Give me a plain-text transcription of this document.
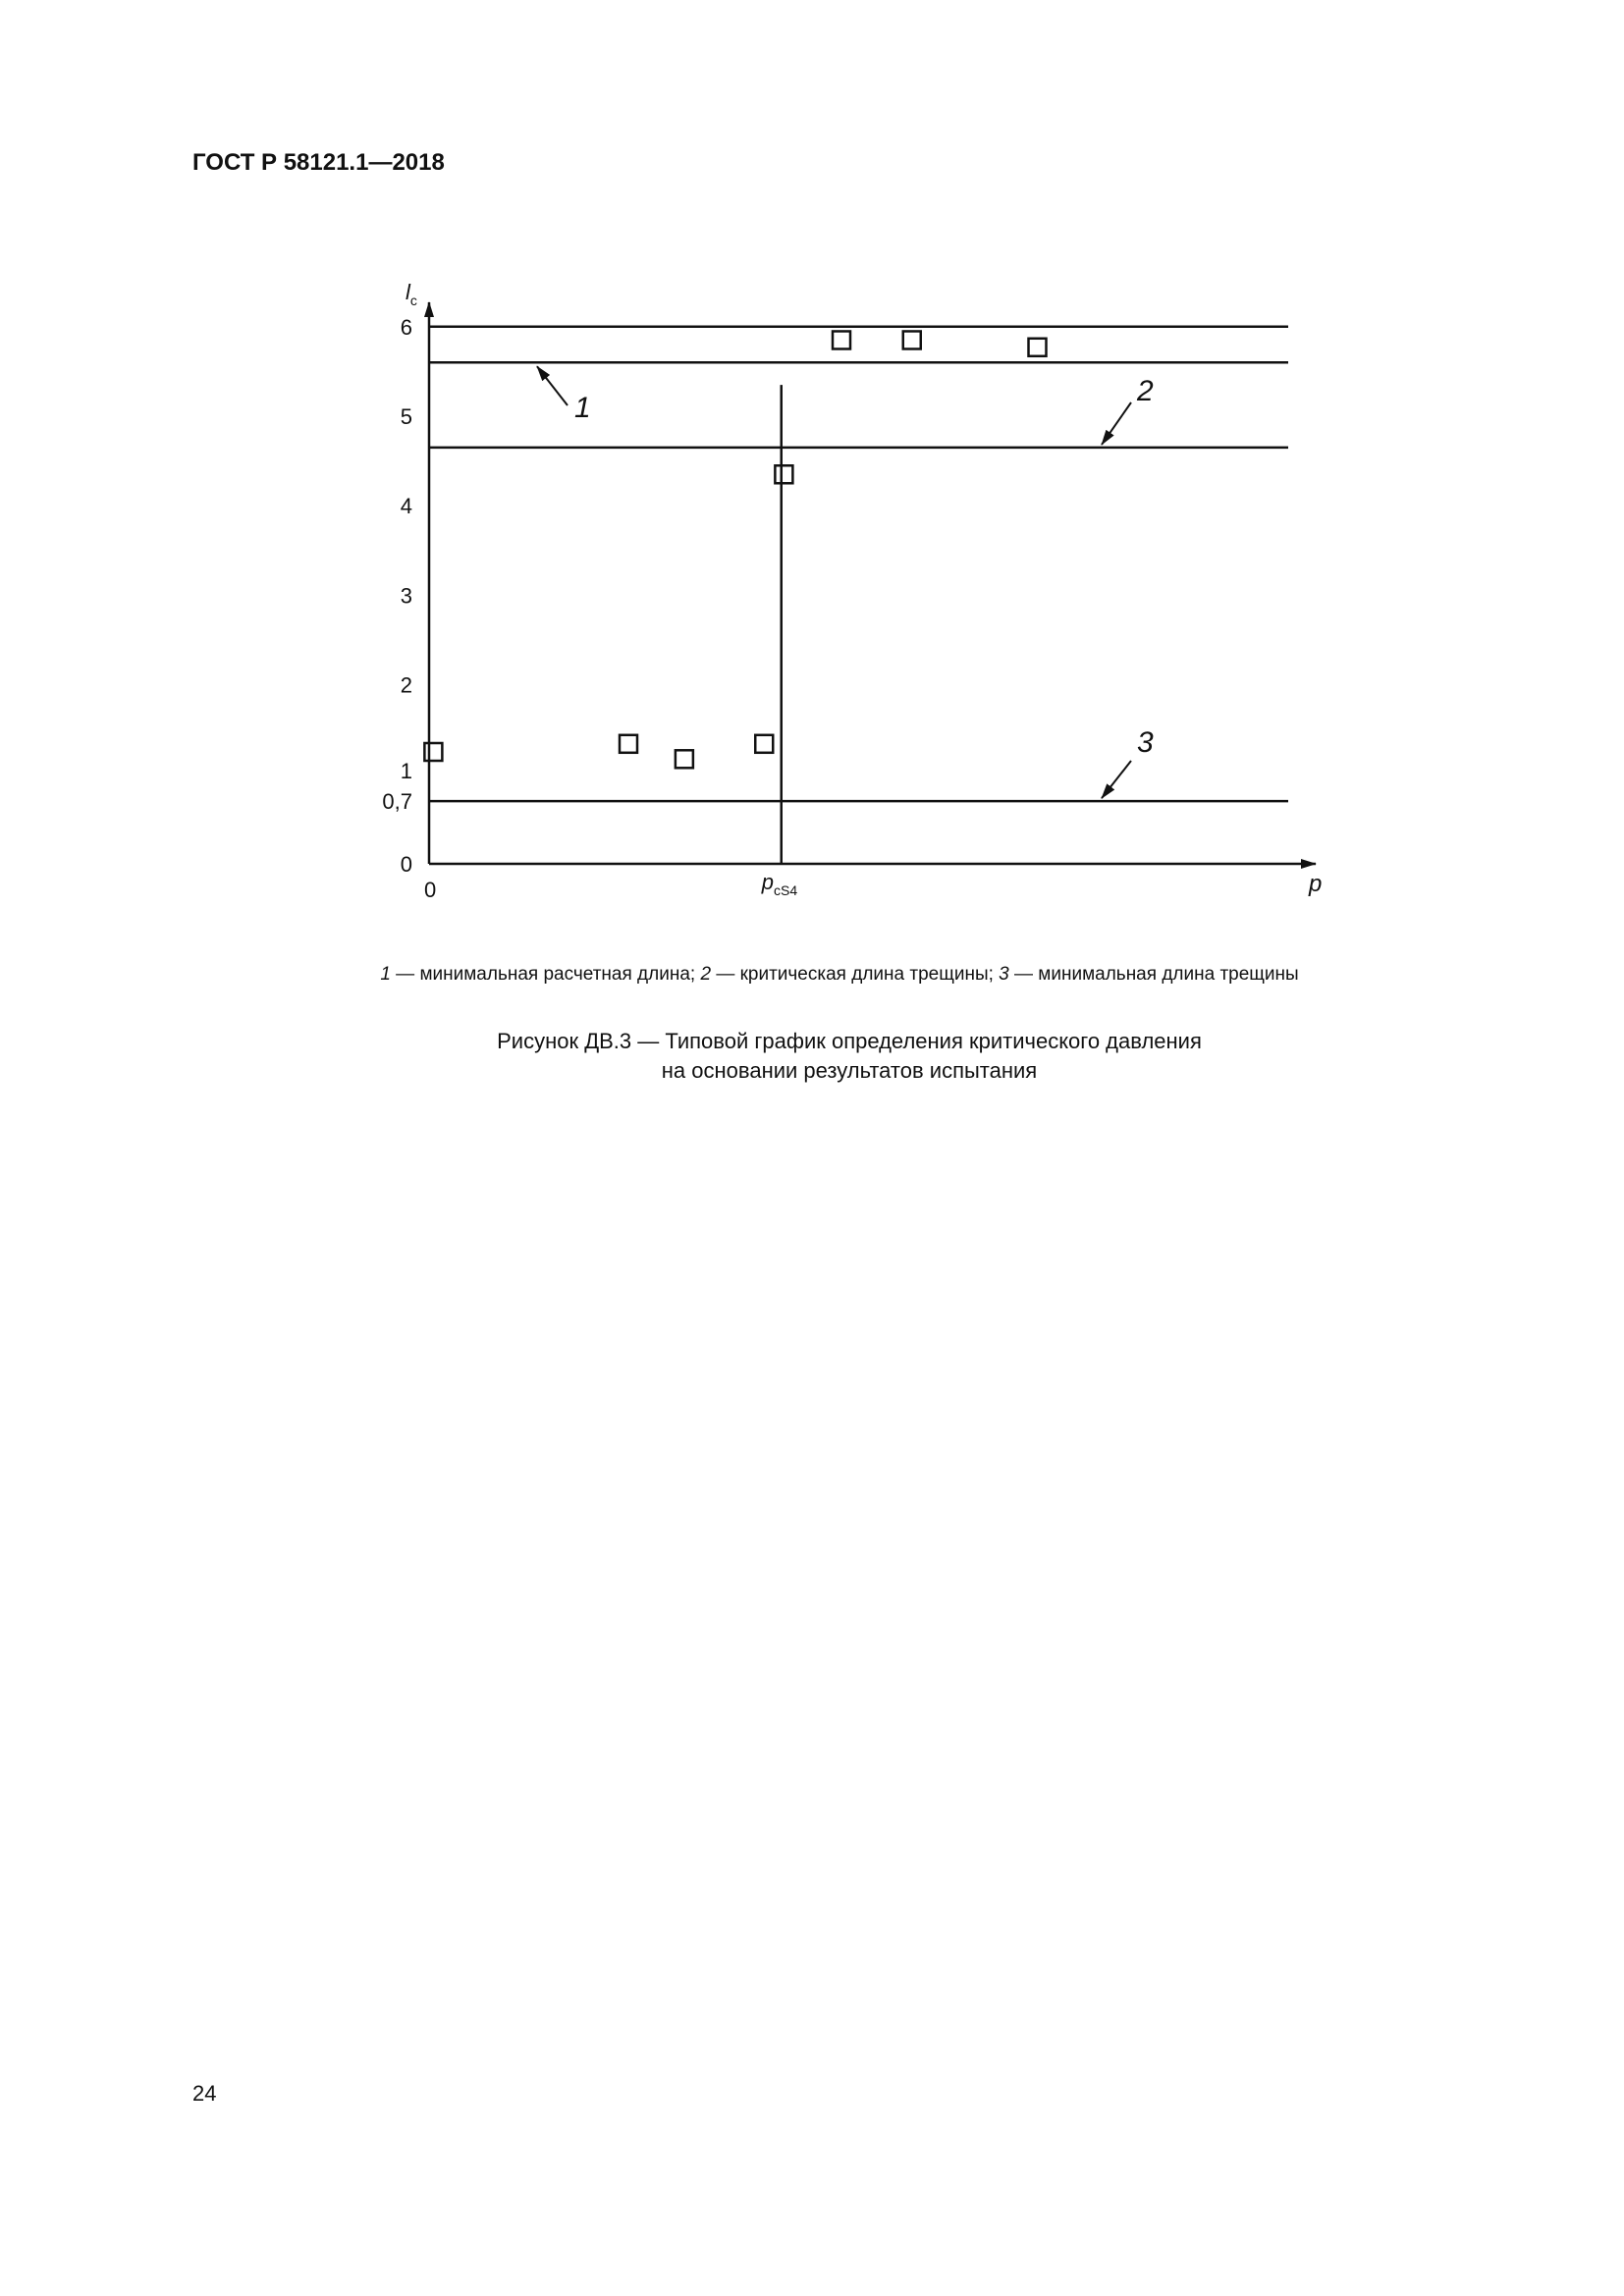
ГОСТ Р 58121.1—2018
6
5
4
3
2
1
0,7
0
$l_c$
p
0	$p_{cS4}$
1
2
3
1 — минимальная расчетная длина; 2 — критическая длина трещины; 3 — минимальная длина трещины
Рисунок ДВ.3 — Типовой график определения критического давления
на основании результатов испытания
24
